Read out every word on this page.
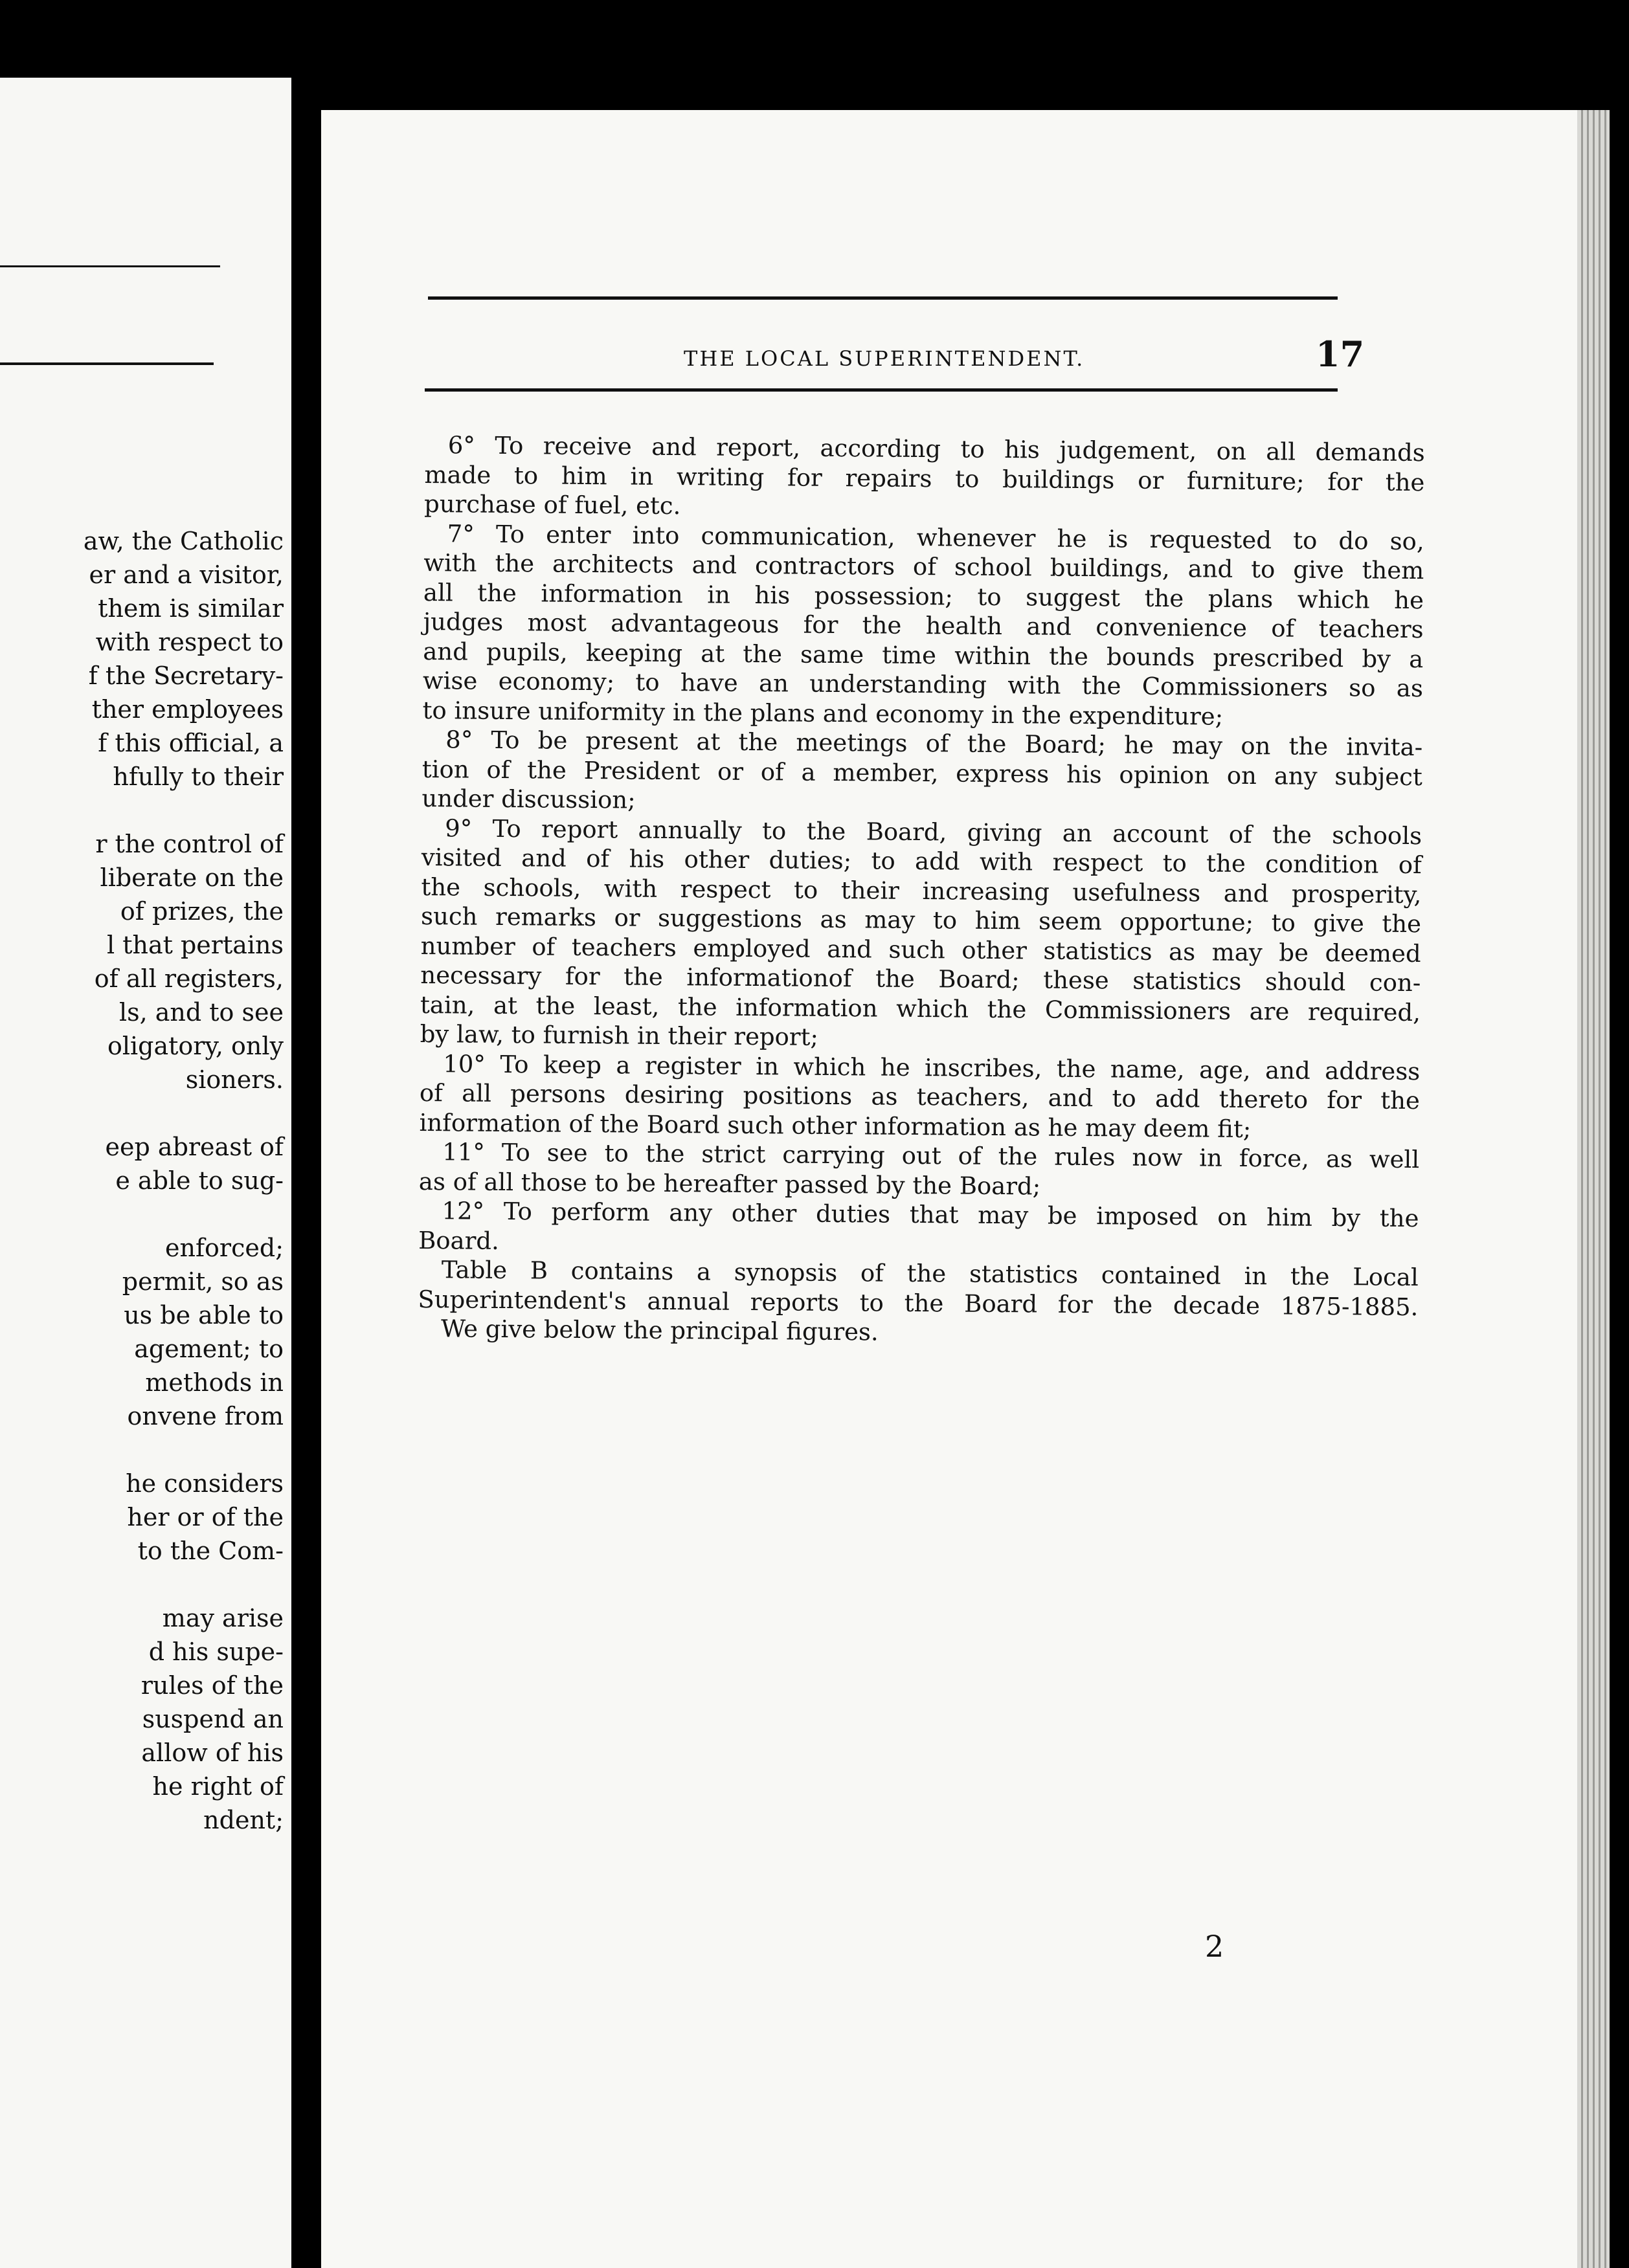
aw, the Catholic
er and a visitor,
them is similar
with respect to
f the Secretary-
ther employees
f this official, a
hfully to their
r the control of
liberate on the
of prizes, the
l that pertains
of all registers,
ls, and to see
oligatory, only
sioners.
eep abreast of
e able to sug-
enforced;
permit, so as
us be able to
agement; to
methods in
onvene from
he considers
her or of the
to the Com-
may arise
d his supe-
rules of the
suspend an
allow of his
he right of
ndent;
THE LOCAL SUPERINTENDENT.	17
6° To receive and report, according to his judgement, on all demands
made to him in writing for repairs to buildings or furniture; for the
purchase of fuel, etc.
7° To enter into communication, whenever he is requested to do so,
with the architects and contractors of school buildings, and to give them
all the information in his possession; to suggest the plans which he
judges most advantageous for the health and convenience of teachers
and pupils, keeping at the same time within the bounds prescribed by a
wise economy; to have an understanding with the Commissioners so as
to insure uniformity in the plans and economy in the expenditure;
8° To be present at the meetings of the Board; he may on the invita-
tion of the President or of a member, express his opinion on any subject
under discussion;
9° To report annually to the Board, giving an account of the schools
visited and of his other duties; to add with respect to the condition of
the schools, with respect to their increasing usefulness and prosperity,
such remarks or suggestions as may to him seem opportune; to give the
number of teachers employed and such other statistics as may be deemed
necessary for the informationof the Board; these statistics should con-
tain, at the least, the information which the Commissioners are required,
by law, to furnish in their report;
10° To keep a register in which he inscribes, the name, age, and address
of all persons desiring positions as teachers, and to add thereto for the
information of the Board such other information as he may deem fit;
11° To see to the strict carrying out of the rules now in force, as well
as of all those to be hereafter passed by the Board;
12° To perform any other duties that may be imposed on him by the
Board.
Table B contains a synopsis of the statistics contained in the Local
Superintendent's annual reports to the Board for the decade 1875-1885.
We give below the principal figures.
2
